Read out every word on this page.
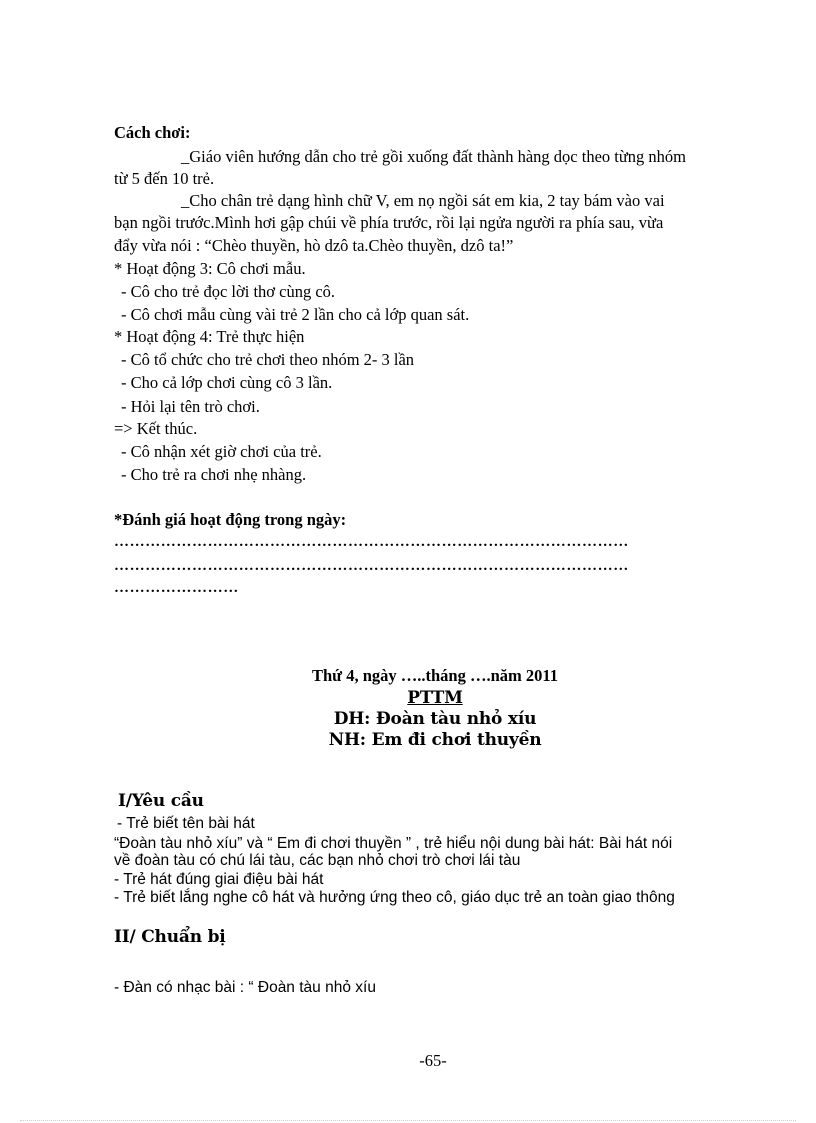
Cách chơi:
_Giáo viên hướng dẫn cho trẻ gồi xuống đất thành hàng dọc theo từng nhóm
từ 5 đến 10 trẻ.
_Cho chân trẻ dạng hình chữ V, em nọ ngồi sát em kia, 2 tay bám vào vai
bạn ngồi trước.Mình hơi gập chúi về phía trước, rồi lại ngửa người ra phía sau, vừa
đẩy vừa nói : “Chèo thuyền, hò dzô ta.Chèo thuyền, dzô ta!”
* Hoạt động 3: Cô chơi mẫu.
- Cô cho trẻ đọc lời thơ cùng cô.
- Cô chơi mẫu cùng vài trẻ 2 lần cho cả lớp quan sát.
* Hoạt động 4: Trẻ thực hiện
- Cô tổ chức cho trẻ chơi theo nhóm 2- 3 lần
- Cho cả lớp chơi cùng cô 3 lần.
- Hỏi lại tên trò chơi.
=> Kết thúc.
- Cô nhận xét giờ chơi của trẻ.
- Cho trẻ ra chơi nhẹ nhàng.
*Đánh giá hoạt động trong ngày:
………………………………………………………………………………………
………………………………………………………………………………………
……………………
Thứ 4, ngày …..tháng ….năm 2011
PTTM
DH: Đoàn tàu nhỏ xíu
NH: Em đi chơi thuyền
I/Yêu cầu
- Trẻ biết tên bài hát
“Đoàn tàu nhỏ xíu” và “ Em đi chơi thuyền ” , trẻ hiểu nội dung bài hát: Bài hát nói
về đoàn tàu có chú lái tàu, các bạn nhỏ chơi trò chơi lái tàu
- Trẻ hát đúng giai điệu bài hát
- Trẻ biết lắng nghe cô hát và hưởng ứng theo cô, giáo dục trẻ an toàn giao thông
II/ Chuẩn bị
- Đàn có nhạc bài : “ Đoàn tàu nhỏ xíu
-65-
